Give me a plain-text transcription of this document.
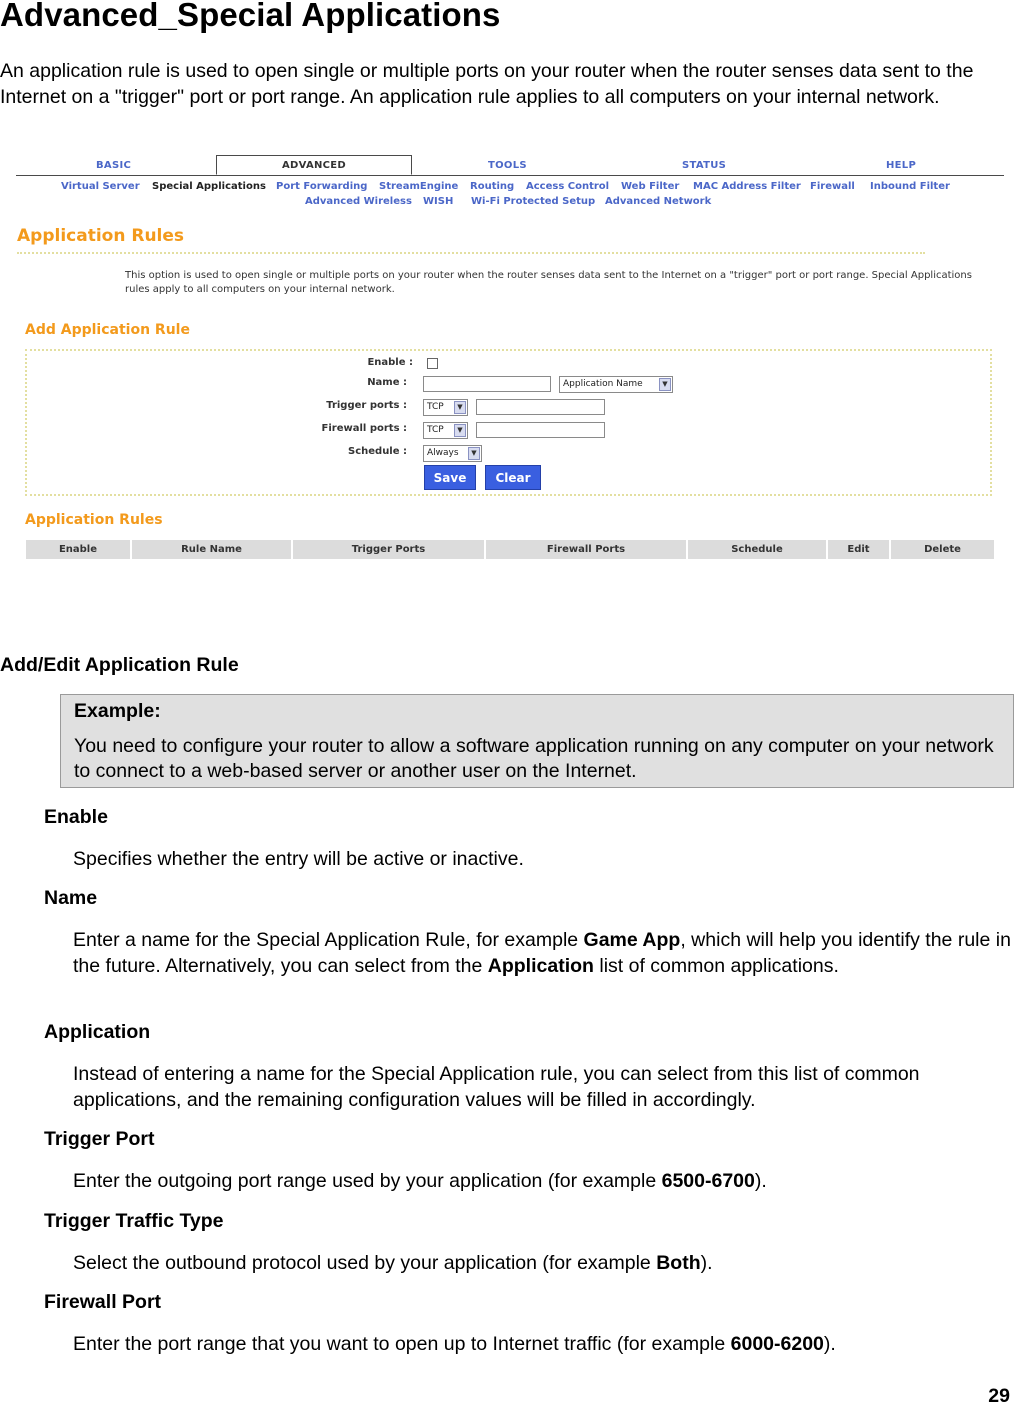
Advanced_Special Applications

An application rule is used to open single or multiple ports on your router when the router senses data sent to the Internet on a "trigger" port or port range. An application rule applies to all computers on your internal network.

BASIC	ADVANCED	TOOLS	STATUS	HELP
Virtual Server Special Applications Port Forwarding StreamEngine Routing Access Control Web Filter MAC Address Filter Firewall Inbound Filter
Advanced Wireless WISH Wi-Fi Protected Setup Advanced Network
Application Rules

This option is used to open single or multiple ports on your router when the router senses data sent to the Internet on a "trigger" port or port range. Special Applications rules apply to all computers on your internal network.

Add Application Rule
Enable :
Name :	Application Name	▼
Trigger ports :	TCP	▼
Firewall ports :	TCP	▼
Schedule :	Always	▼
Save	Clear
Application Rules
Enable	Rule Name	Trigger Ports	Firewall Ports	Schedule	Edit	Delete
Add/Edit Application Rule

Example:

You need to configure your router to allow a software application running on any computer on your network to connect to a web-based server or another user on the Internet.

Enable

Specifies whether the entry will be active or inactive.

Name

Enter a name for the Special Application Rule, for example Game App, which will help you identify the rule in the future. Alternatively, you can select from the Application list of common applications.

Application

Instead of entering a name for the Special Application rule, you can select from this list of common applications, and the remaining configuration values will be filled in accordingly.

Trigger Port

Enter the outgoing port range used by your application (for example 6500-6700).

Trigger Traffic Type

Select the outbound protocol used by your application (for example Both).

Firewall Port

Enter the port range that you want to open up to Internet traffic (for example 6000-6200).

29
